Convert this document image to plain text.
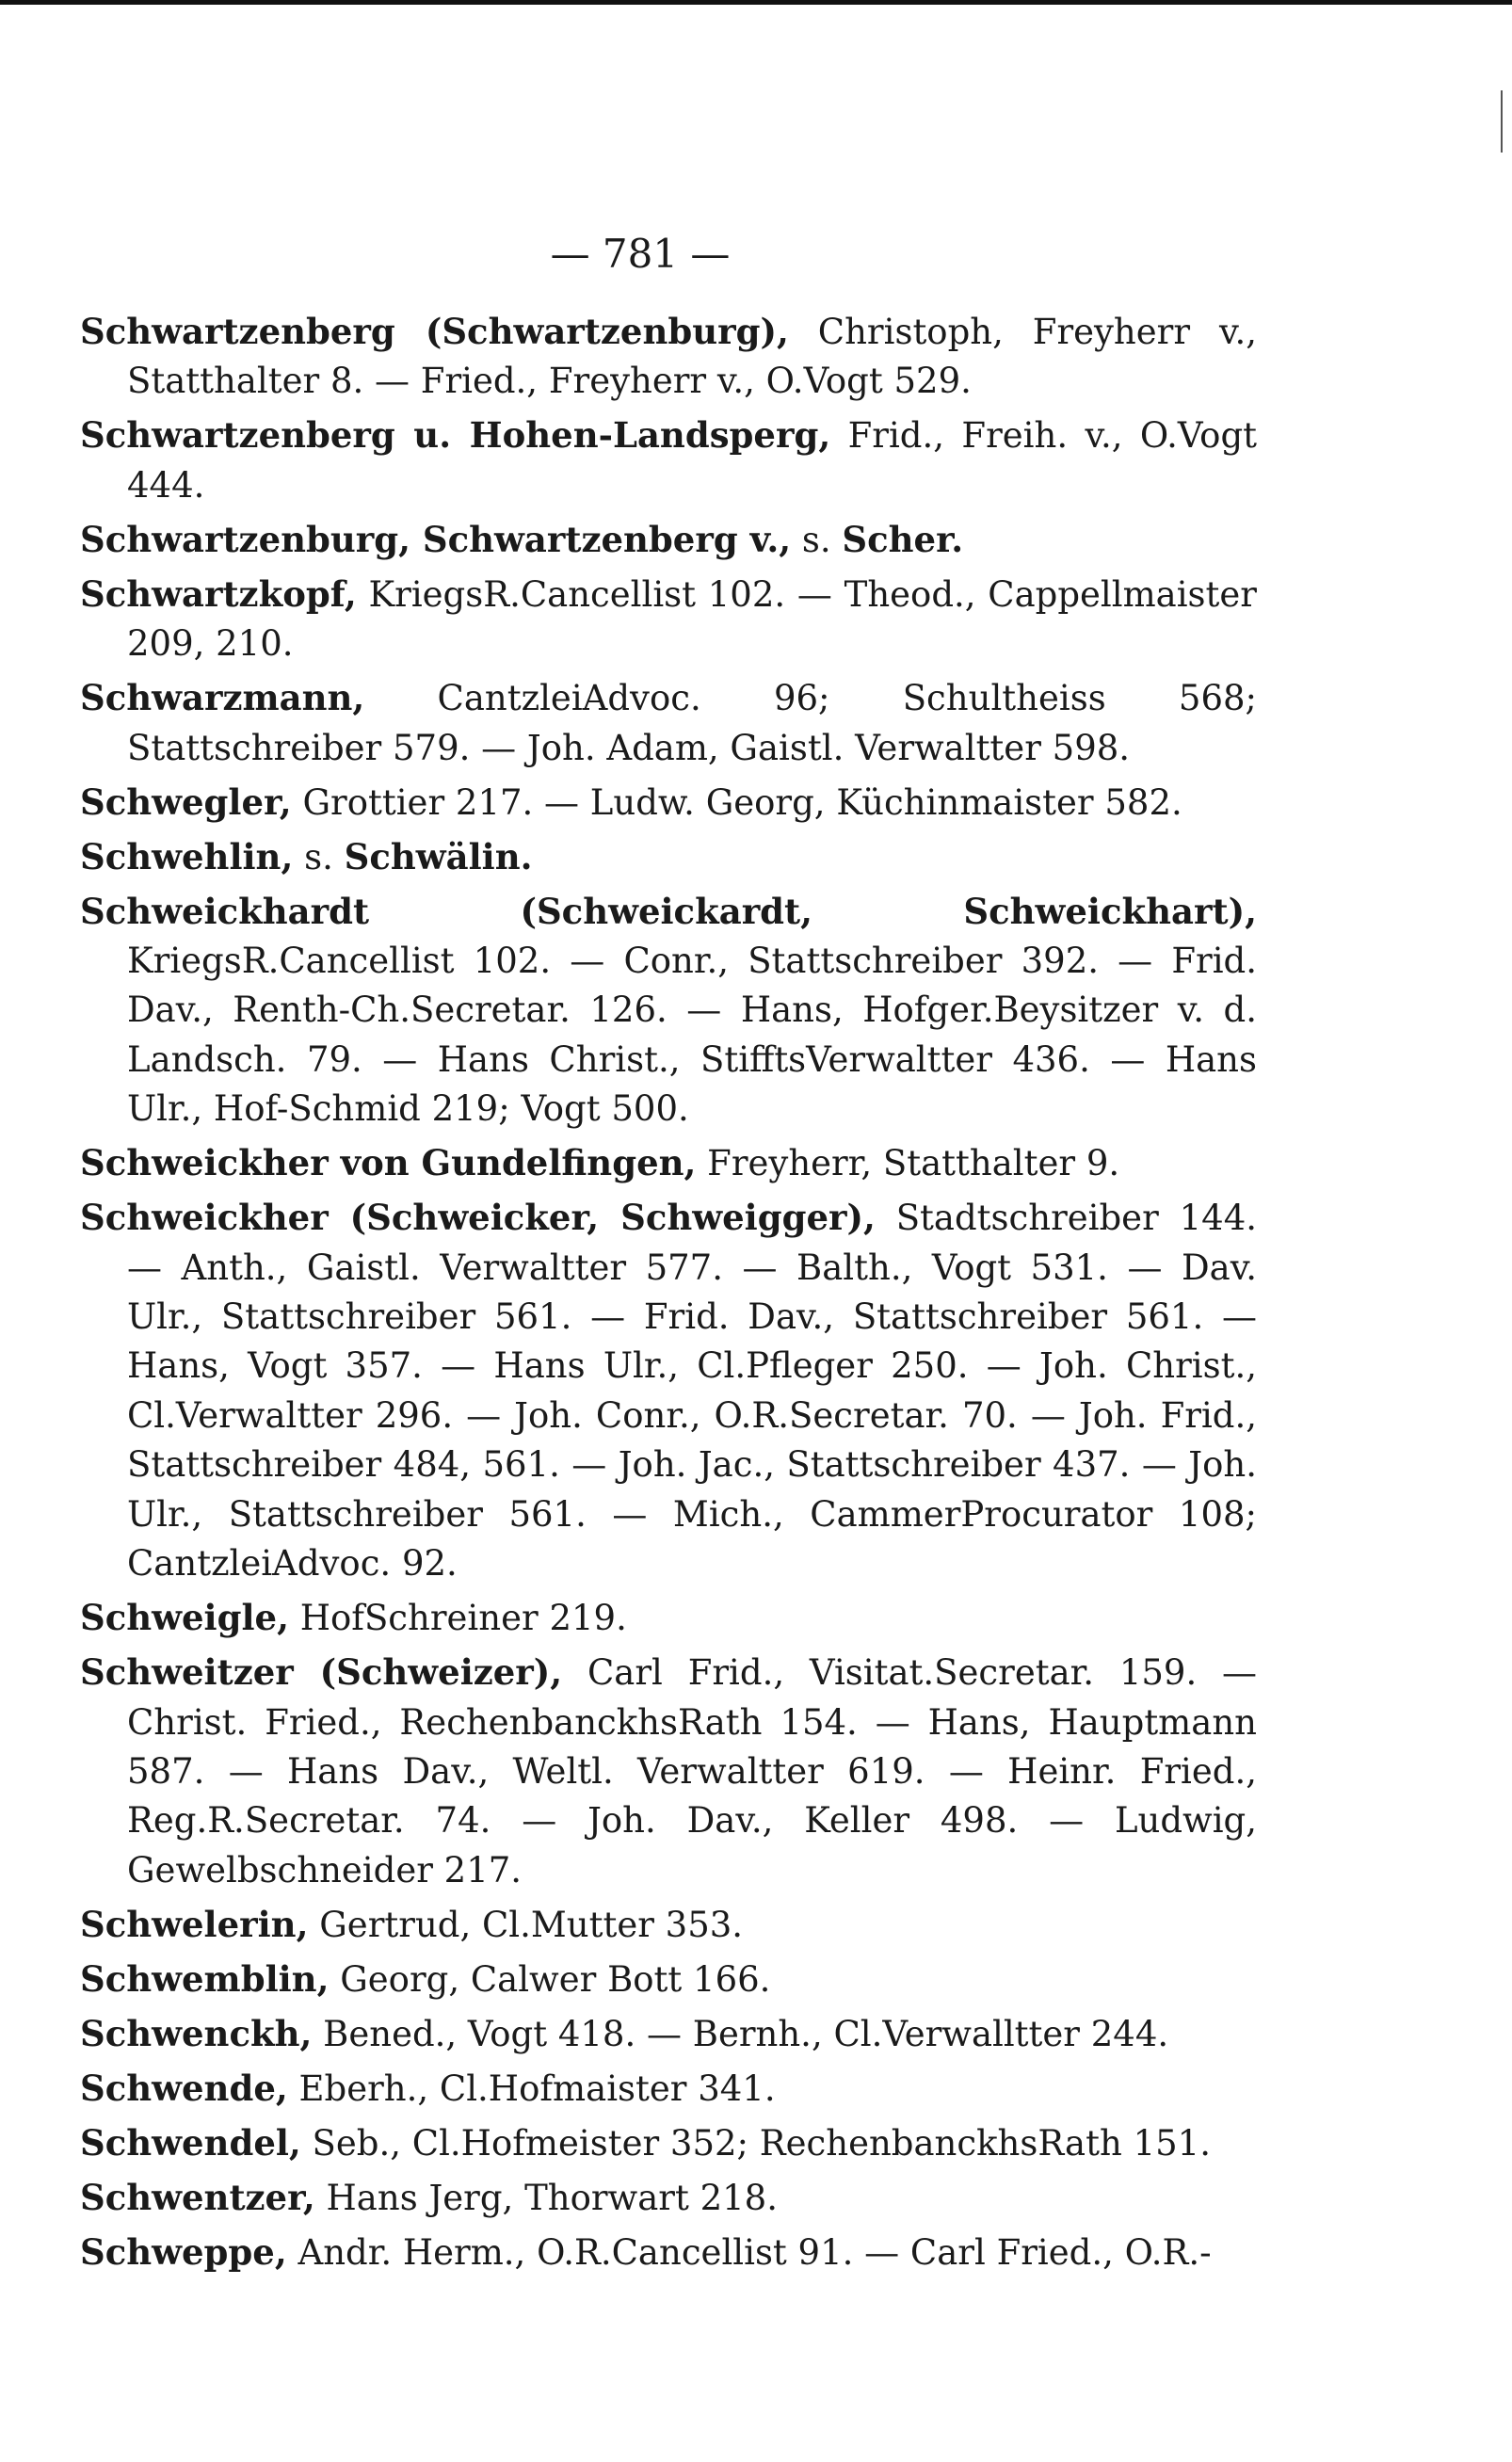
— 781 —

Schwartzenberg (Schwartzenburg), Christoph, Freyherr v., Statthalter 8. — Fried., Freyherr v., O.Vogt 529.

Schwartzenberg u. Hohen-Landsperg, Frid., Freih. v., O.Vogt 444.

Schwartzenburg, Schwartzenberg v., s. Scher.

Schwartzkopf, KriegsR.Cancellist 102. — Theod., Cappellmaister 209, 210.

Schwarzmann, CantzleiAdvoc. 96; Schultheiss 568; Stattschreiber 579. — Joh. Adam, Gaistl. Verwaltter 598.

Schwegler, Grottier 217. — Ludw. Georg, Küchinmaister 582.

Schwehlin, s. Schwälin.

Schweickhardt (Schweickardt, Schweickhart), KriegsR.Cancellist 102. — Conr., Stattschreiber 392. — Frid. Dav., Renth-Ch.Secretar. 126. — Hans, Hofger.Beysitzer v. d. Landsch. 79. — Hans Christ., StifftsVerwaltter 436. — Hans Ulr., Hof-Schmid 219; Vogt 500.

Schweickher von Gundelfingen, Freyherr, Statthalter 9.

Schweickher (Schweicker, Schweigger), Stadtschreiber 144. — Anth., Gaistl. Verwaltter 577. — Balth., Vogt 531. — Dav. Ulr., Stattschreiber 561. — Frid. Dav., Stattschreiber 561. — Hans, Vogt 357. — Hans Ulr., Cl.Pfleger 250. — Joh. Christ., Cl.Verwaltter 296. — Joh. Conr., O.R.Secretar. 70. — Joh. Frid., Stattschreiber 484, 561. — Joh. Jac., Stattschreiber 437. — Joh. Ulr., Stattschreiber 561. — Mich., CammerProcurator 108; CantzleiAdvoc. 92.

Schweigle, HofSchreiner 219.

Schweitzer (Schweizer), Carl Frid., Visitat.Secretar. 159. — Christ. Fried., RechenbanckhsRath 154. — Hans, Hauptmann 587. — Hans Dav., Weltl. Verwaltter 619. — Heinr. Fried., Reg.R.Secretar. 74. — Joh. Dav., Keller 498. — Ludwig, Gewelbschneider 217.

Schwelerin, Gertrud, Cl.Mutter 353.

Schwemblin, Georg, Calwer Bott 166.

Schwenckh, Bened., Vogt 418. — Bernh., Cl.Verwalltter 244.

Schwende, Eberh., Cl.Hofmaister 341.

Schwendel, Seb., Cl.Hofmeister 352; RechenbanckhsRath 151.

Schwentzer, Hans Jerg, Thorwart 218.

Schweppe, Andr. Herm., O.R.Cancellist 91. — Carl Fried., O.R.-
